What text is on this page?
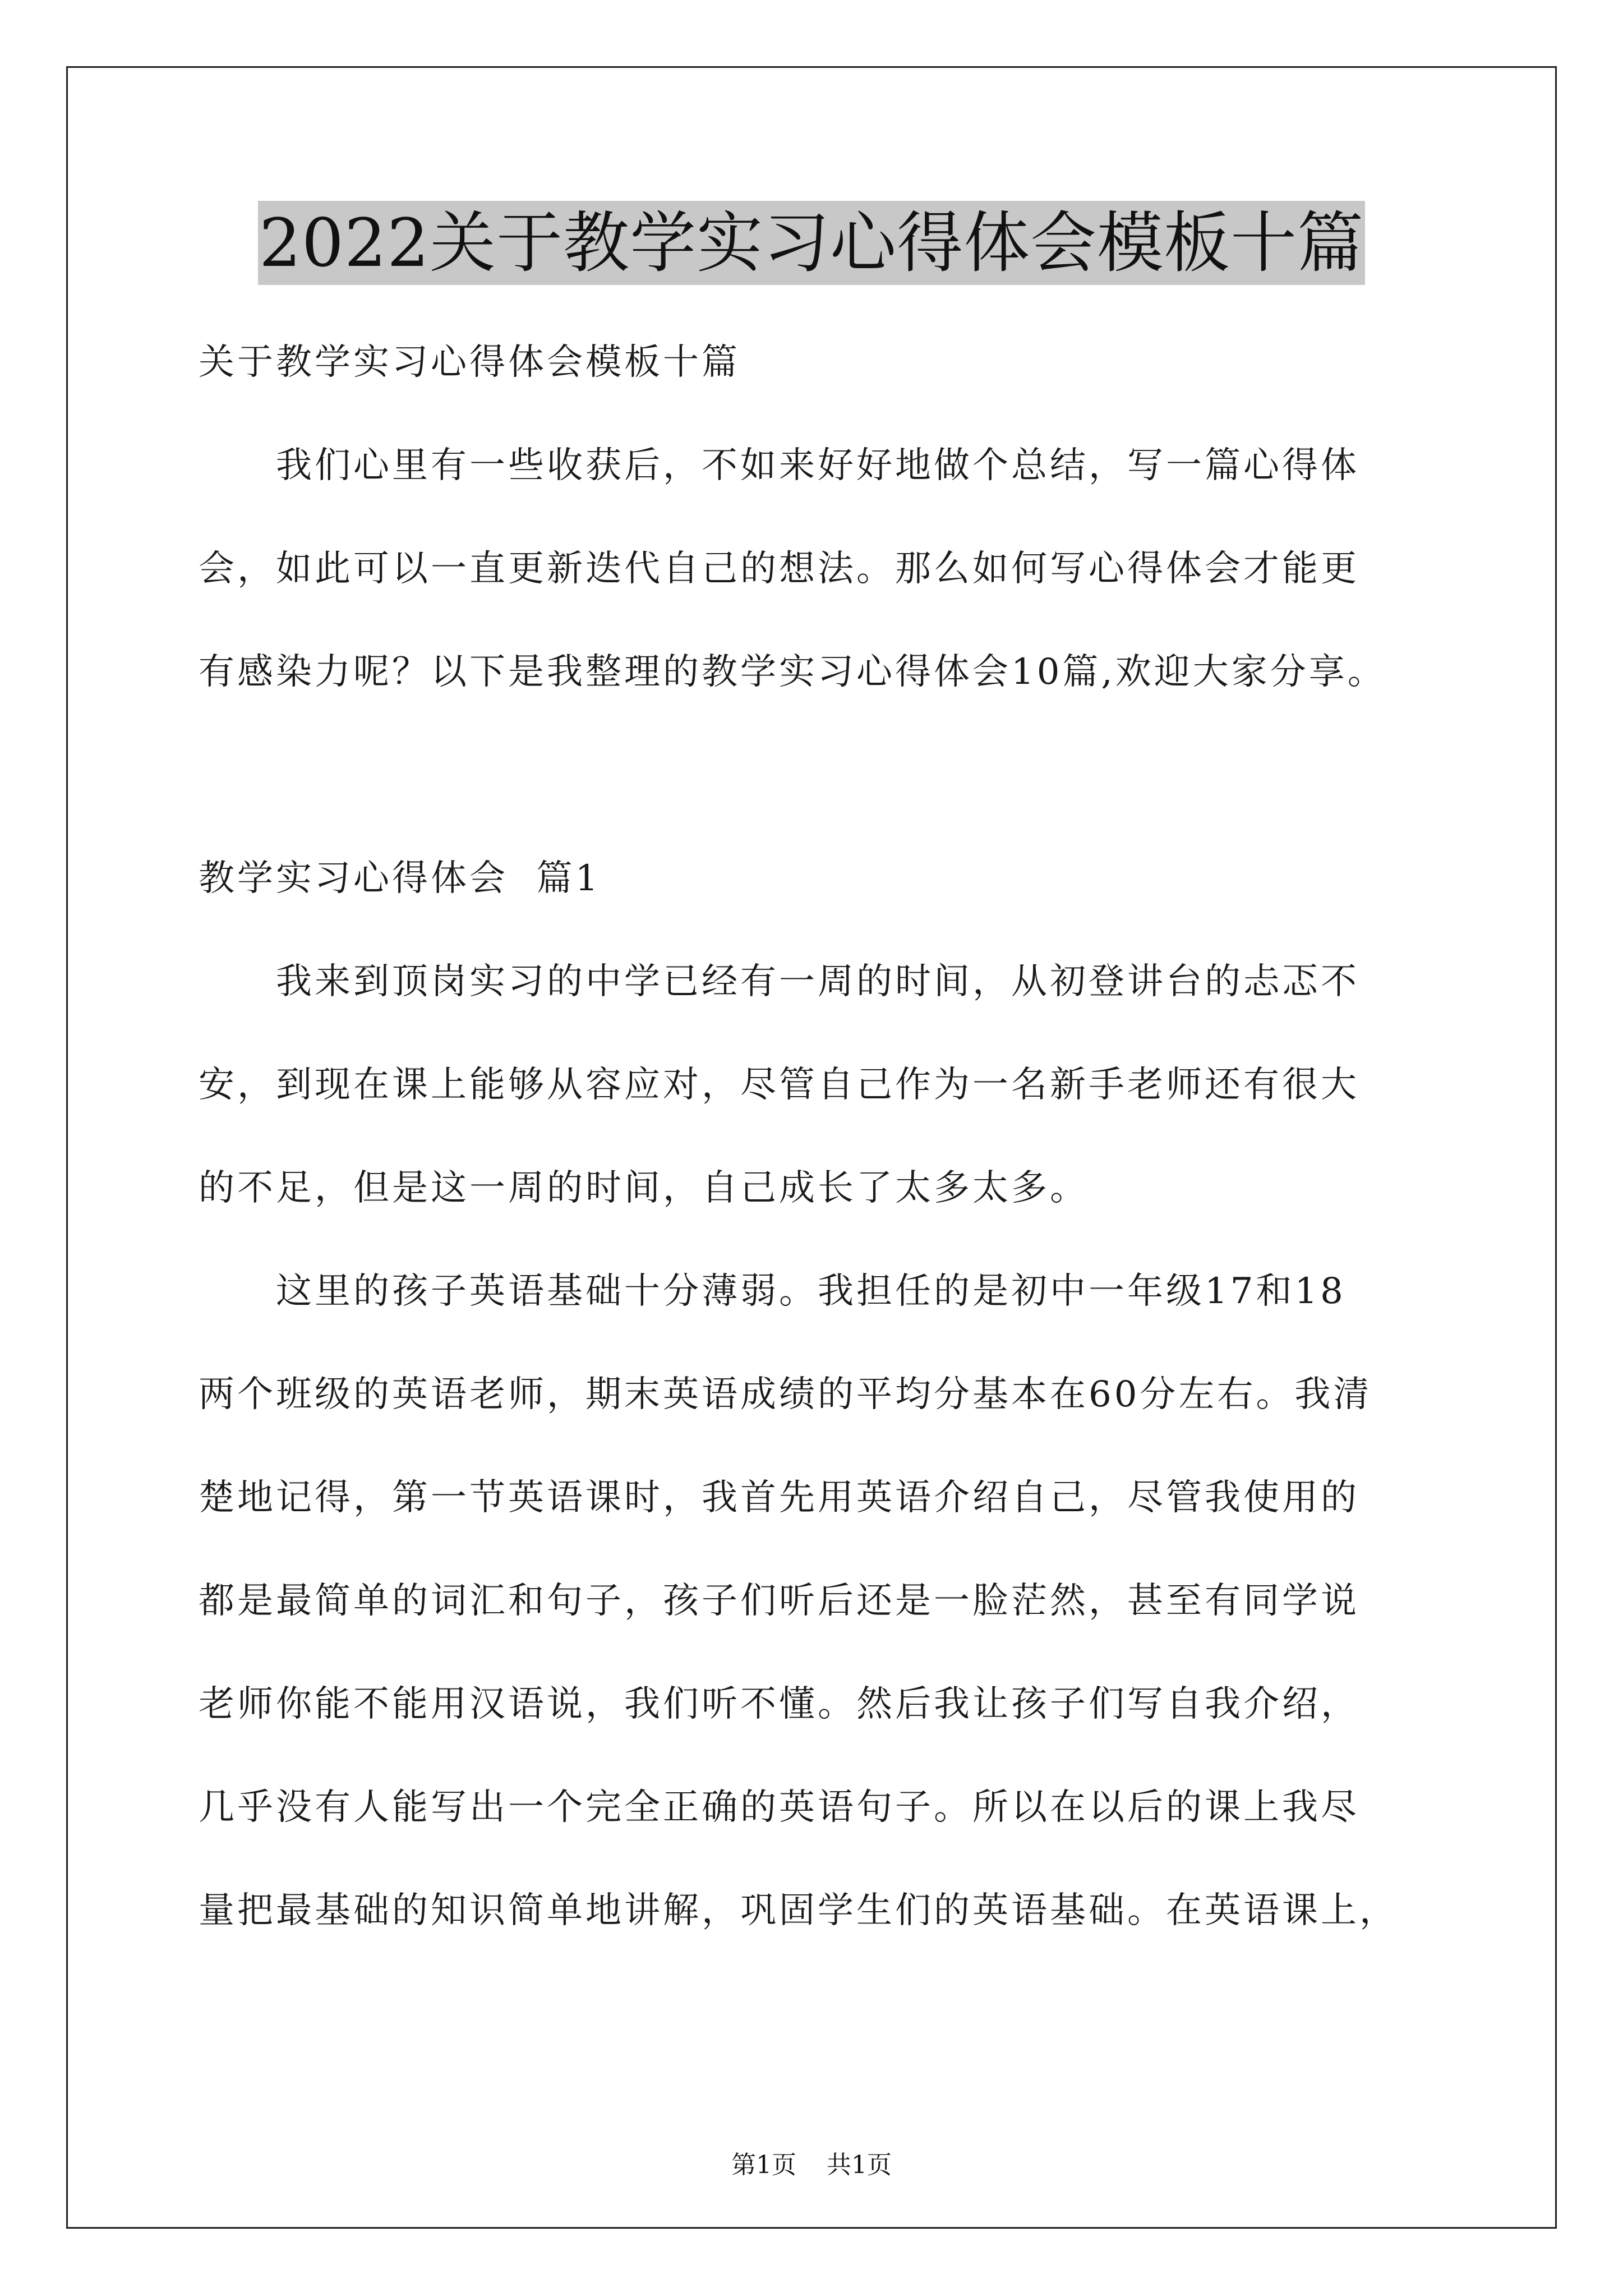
2022关于教学实习心得体会模板十篇

关于教学实习心得体会模板十篇

我们心里有一些收获后，不如来好好地做个总结，写一篇心得体

会，如此可以一直更新迭代自己的想法。那么如何写心得体会才能更

有感染力呢？以下是我整理的教学实习心得体会10篇,欢迎大家分享。

教学实习心得体会  篇1

我来到顶岗实习的中学已经有一周的时间，从初登讲台的忐忑不

安，到现在课上能够从容应对，尽管自己作为一名新手老师还有很大

的不足，但是这一周的时间，自己成长了太多太多。

这里的孩子英语基础十分薄弱。我担任的是初中一年级17和18

两个班级的英语老师，期末英语成绩的平均分基本在60分左右。我清

楚地记得，第一节英语课时，我首先用英语介绍自己，尽管我使用的

都是最简单的词汇和句子，孩子们听后还是一脸茫然，甚至有同学说

老师你能不能用汉语说，我们听不懂。然后我让孩子们写自我介绍，

几乎没有人能写出一个完全正确的英语句子。所以在以后的课上我尽

量把最基础的知识简单地讲解，巩固学生们的英语基础。在英语课上，

第1页 共1页
